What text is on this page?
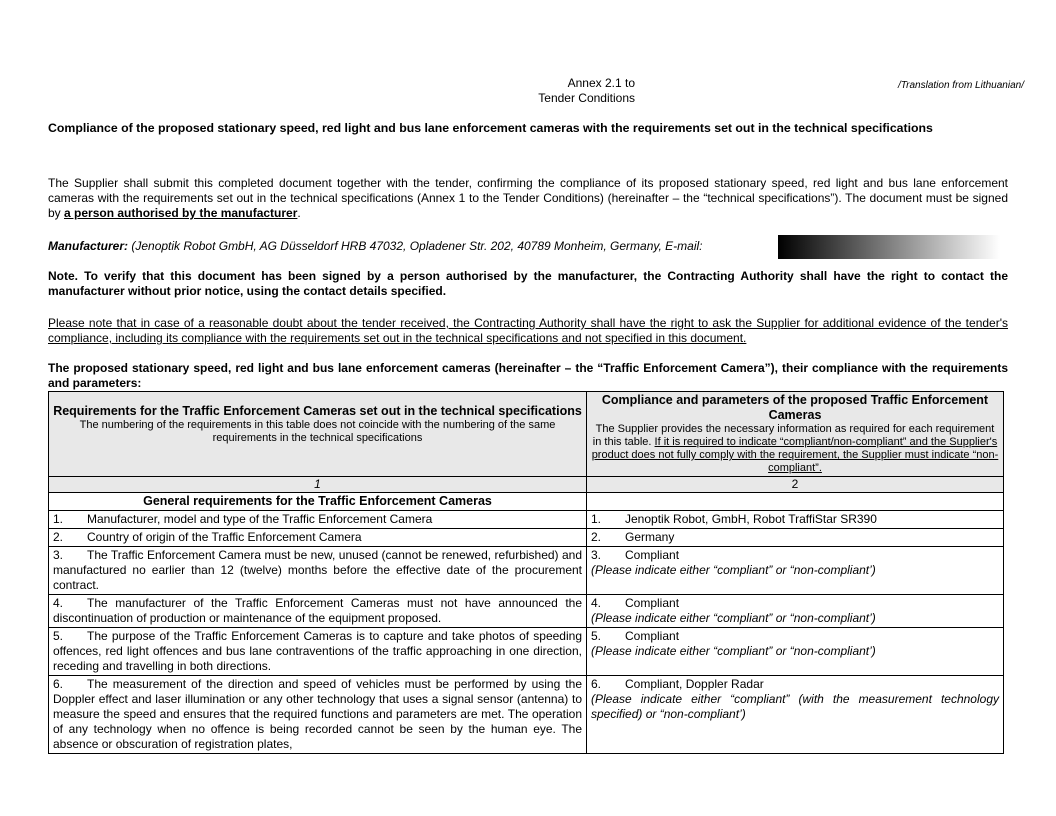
Annex 2.1 to
Tender Conditions
/Translation from Lithuanian/
Compliance of the proposed stationary speed, red light and bus lane enforcement cameras with the requirements set out in the technical specifications
The Supplier shall submit this completed document together with the tender, confirming the compliance of its proposed stationary speed, red light and bus lane enforcement cameras with the requirements set out in the technical specifications (Annex 1 to the Tender Conditions) (hereinafter – the “technical specifications”). The document must be signed by a person authorised by the manufacturer.
Manufacturer: (Jenoptik Robot GmbH, AG Düsseldorf HRB 47032, Opladener Str. 202, 40789 Monheim, Germany, E-mail:
Note. To verify that this document has been signed by a person authorised by the manufacturer, the Contracting Authority shall have the right to contact the manufacturer without prior notice, using the contact details specified.
Please note that in case of a reasonable doubt about the tender received, the Contracting Authority shall have the right to ask the Supplier for additional evidence of the tender's compliance, including its compliance with the requirements set out in the technical specifications and not specified in this document.
The proposed stationary speed, red light and bus lane enforcement cameras (hereinafter – the “Traffic Enforcement Camera”), their compliance with the requirements and parameters:
Requirements for the Traffic Enforcement Cameras set out in the technical specifications
The numbering of the requirements in this table does not coincide with the numbering of the same requirements in the technical specifications

Compliance and parameters of the proposed Traffic Enforcement Cameras
The Supplier provides the necessary information as required for each requirement in this table. If it is required to indicate “compliant/non-compliant” and the Supplier's product does not fully comply with the requirement, the Supplier must indicate “non-compliant”.

1	2
General requirements for the Traffic Enforcement Cameras	
1. Manufacturer, model and type of the Traffic Enforcement Camera	1. Jenoptik Robot, GmbH, Robot TraffiStar SR390
2. Country of origin of the Traffic Enforcement Camera	2. Germany
3. The Traffic Enforcement Camera must be new, unused (cannot be renewed, refurbished) and manufactured no earlier than 12 (twelve) months before the effective date of the procurement contract.	3. Compliant
(Please indicate either “compliant” or “non-compliant’)

4. The manufacturer of the Traffic Enforcement Cameras must not have announced the discontinuation of production or maintenance of the equipment proposed.	4. Compliant
(Please indicate either “compliant” or “non-compliant’)

5. The purpose of the Traffic Enforcement Cameras is to capture and take photos of speeding offences, red light offences and bus lane contraventions of the traffic approaching in one direction, receding and travelling in both directions.	5. Compliant
(Please indicate either “compliant” or “non-compliant’)

6. The measurement of the direction and speed of vehicles must be performed by using the Doppler effect and laser illumination or any other technology that uses a signal sensor (antenna) to measure the speed and ensures that the required functions and parameters are met. The operation of any technology when no offence is being recorded cannot be seen by the human eye. The absence or obscuration of registration plates,	6. Compliant, Doppler Radar
(Please indicate either “compliant” (with the measurement technology specified) or “non-compliant’)
